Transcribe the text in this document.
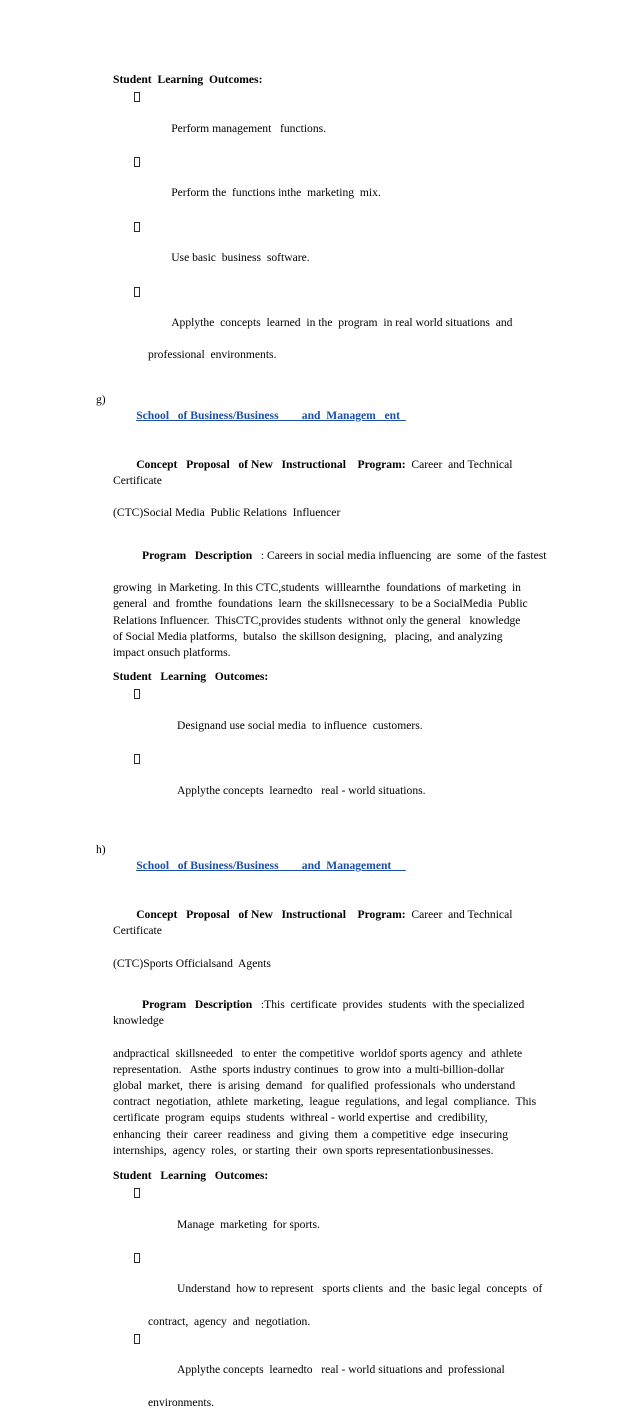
Student  Learning  Outcomes:

Perform management   functions.

Perform the  functions inthe  marketing  mix.

Use basic  business  software.

Applythe  concepts  learned  in the  program  in real world situations  and

professional  environments.

g)

School   of Business/Business        and  Managem   ent

Concept   Proposal   of New   Instructional    Program:  Career  and Technical  Certificate

(CTC)Social Media  Public Relations  Influencer

Program   Description   : Careers in social media influencing  are  some  of the fastest

growing  in Marketing. In this CTC,students  willlearnthe  foundations  of marketing  in
general  and  fromthe  foundations  learn  the skillsnecessary  to be a SocialMedia  Public
Relations Influencer.  ThisCTC,provides students  withnot only the general   knowledge
of Social Media platforms,  butalso  the skillson designing,   placing,  and analyzing
impact onsuch platforms.
Student   Learning   Outcomes:

Designand use social media  to influence  customers.

Applythe concepts  learnedto   real - world situations.

h)

School   of Business/Business        and  Management

Concept   Proposal   of New   Instructional    Program:  Career  and Technical  Certificate

(CTC)Sports Officialsand  Agents

Program   Description   :This  certificate  provides  students  with the specialized  knowledge

andpractical  skillsneeded   to enter  the competitive  worldof sports agency  and  athlete
representation.   Asthe  sports industry continues  to grow into  a multi-billion-dollar
global  market,  there  is arising  demand   for qualified  professionals  who understand
contract  negotiation,  athlete  marketing,  league  regulations,  and legal  compliance.  This
certificate  program  equips  students  withreal - world expertise  and  credibility,
enhancing  their  career  readiness  and  giving  them  a competitive  edge  insecuring
internships,  agency  roles,  or starting  their  own sports representationbusinesses.
Student   Learning   Outcomes:

Manage  marketing  for sports.

Understand  how to represent   sports clients  and  the  basic legal  concepts  of

contract,  agency  and  negotiation.

Applythe concepts  learnedto   real - world situations and  professional

environments.
